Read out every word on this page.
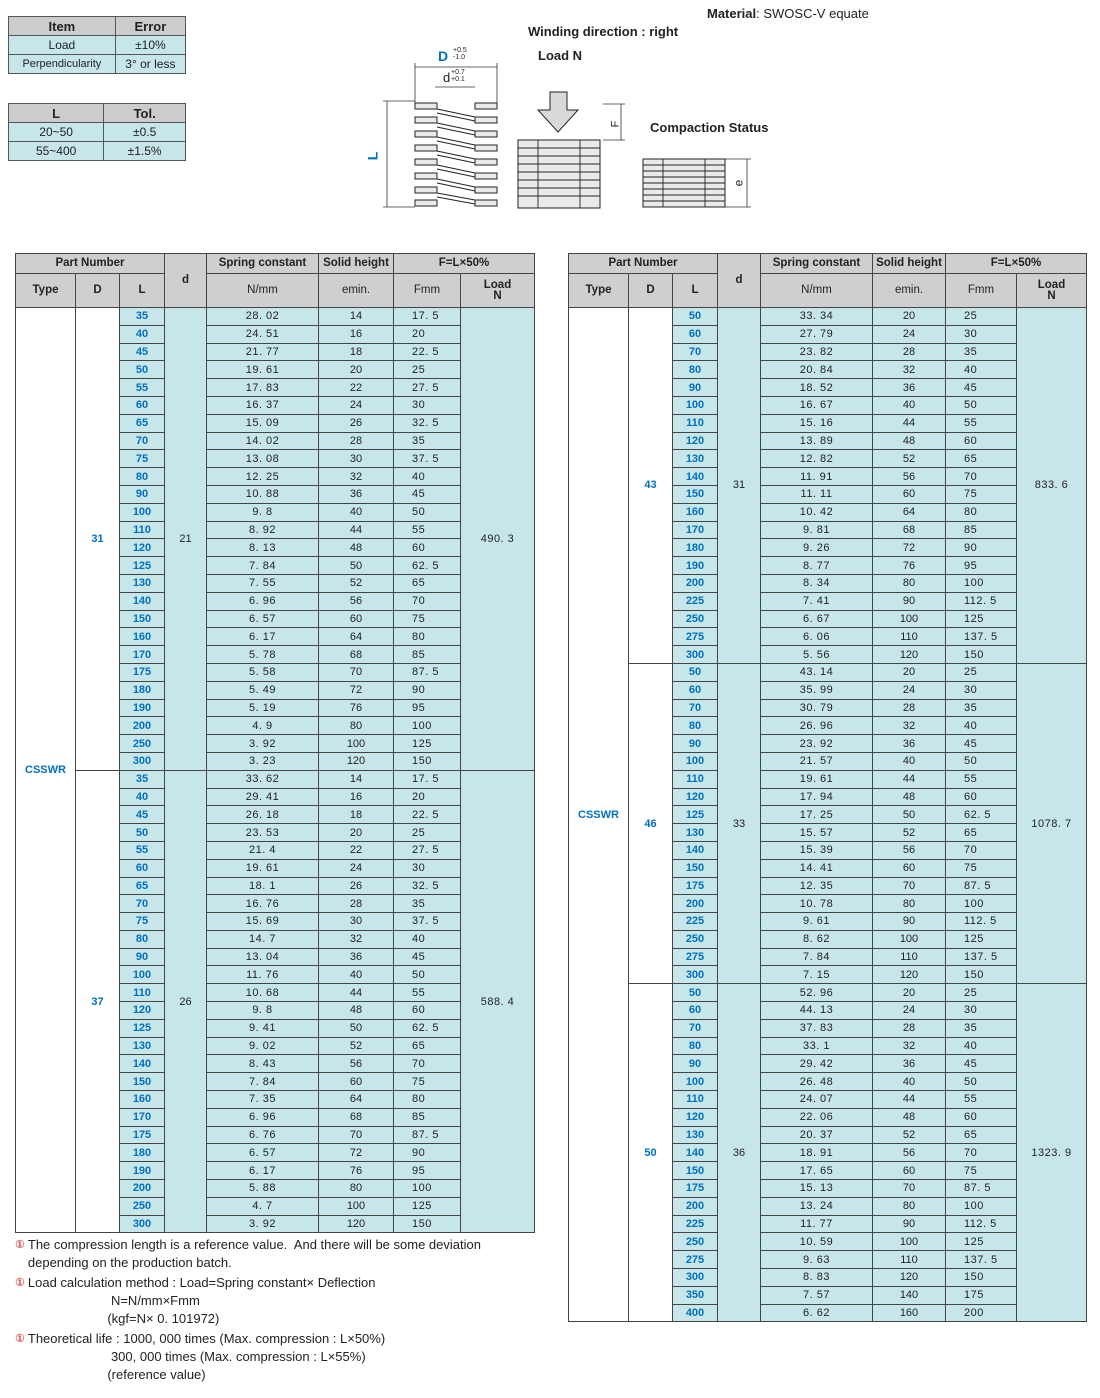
Item	Error
Load	±10%
Perpendicularity	3° or less
L	Tol.
20~50	±0.5
55~400	±1.5%
Material: SWOSC-V equate
Winding direction : right
Load N
Compaction Status
D +0.5
-1.0
d +0.7
+0.1
L
F
e
Part Number			d	Spring constant	Solid height	F=L×50%	
Type	D	L		N/mm	emin.	Fmm	Load
N
CSSWR	31	35	21	28. 02	14	17. 5	490. 3
		40		24. 51	16	20	
		45		21. 77	18	22. 5	
		50		19. 61	20	25	
		55		17. 83	22	27. 5	
		60		16. 37	24	30	
		65		15. 09	26	32. 5	
		70		14. 02	28	35	
		75		13. 08	30	37. 5	
		80		12. 25	32	40	
		90		10. 88	36	45	
		100		9. 8	40	50	
		110		8. 92	44	55	
		120		8. 13	48	60	
		125		7. 84	50	62. 5	
		130		7. 55	52	65	
		140		6. 96	56	70	
		150		6. 57	60	75	
		160		6. 17	64	80	
		170		5. 78	68	85	
		175		5. 58	70	87. 5	
		180		5. 49	72	90	
		190		5. 19	76	95	
		200		4. 9	80	100	
		250		3. 92	100	125	
		300		3. 23	120	150	
	37	35	26	33. 62	14	17. 5	588. 4
		40		29. 41	16	20	
		45		26. 18	18	22. 5	
		50		23. 53	20	25	
		55		21. 4	22	27. 5	
		60		19. 61	24	30	
		65		18. 1	26	32. 5	
		70		16. 76	28	35	
		75		15. 69	30	37. 5	
		80		14. 7	32	40	
		90		13. 04	36	45	
		100		11. 76	40	50	
		110		10. 68	44	55	
		120		9. 8	48	60	
		125		9. 41	50	62. 5	
		130		9. 02	52	65	
		140		8. 43	56	70	
		150		7. 84	60	75	
		160		7. 35	64	80	
		170		6. 96	68	85	
		175		6. 76	70	87. 5	
		180		6. 57	72	90	
		190		6. 17	76	95	
		200		5. 88	80	100	
		250		4. 7	100	125	
		300		3. 92	120	150	
Part Number			d	Spring constant	Solid height	F=L×50%	
Type	D	L		N/mm	emin.	Fmm	Load
N
CSSWR	43	50	31	33. 34	20	25	833. 6
		60		27. 79	24	30	
		70		23. 82	28	35	
		80		20. 84	32	40	
		90		18. 52	36	45	
		100		16. 67	40	50	
		110		15. 16	44	55	
		120		13. 89	48	60	
		130		12. 82	52	65	
		140		11. 91	56	70	
		150		11. 11	60	75	
		160		10. 42	64	80	
		170		9. 81	68	85	
		180		9. 26	72	90	
		190		8. 77	76	95	
		200		8. 34	80	100	
		225		7. 41	90	112. 5	
		250		6. 67	100	125	
		275		6. 06	110	137. 5	
		300		5. 56	120	150	
	46	50	33	43. 14	20	25	1078. 7
		60		35. 99	24	30	
		70		30. 79	28	35	
		80		26. 96	32	40	
		90		23. 92	36	45	
		100		21. 57	40	50	
		110		19. 61	44	55	
		120		17. 94	48	60	
		125		17. 25	50	62. 5	
		130		15. 57	52	65	
		140		15. 39	56	70	
		150		14. 41	60	75	
		175		12. 35	70	87. 5	
		200		10. 78	80	100	
		225		9. 61	90	112. 5	
		250		8. 62	100	125	
		275		7. 84	110	137. 5	
		300		7. 15	120	150	
	50	50	36	52. 96	20	25	1323. 9
		60		44. 13	24	30	
		70		37. 83	28	35	
		80		33. 1	32	40	
		90		29. 42	36	45	
		100		26. 48	40	50	
		110		24. 07	44	55	
		120		22. 06	48	60	
		130		20. 37	52	65	
		140		18. 91	56	70	
		150		17. 65	60	75	
		175		15. 13	70	87. 5	
		200		13. 24	80	100	
		225		11. 77	90	112. 5	
		250		10. 59	100	125	
		275		9. 63	110	137. 5	
		300		8. 83	120	150	
		350		7. 57	140	175	
		400		6. 62	160	200	
① The compression length is a reference value.  And there will be some deviation
depending on the production batch.
① Load calculation method : Load=Spring constant× Deflection
N=N/mm×Fmm
(kgf=N× 0. 101972)
① Theoretical life : 1000, 000 times (Max. compression : L×50%)
300, 000 times (Max. compression : L×55%)
(reference value)
